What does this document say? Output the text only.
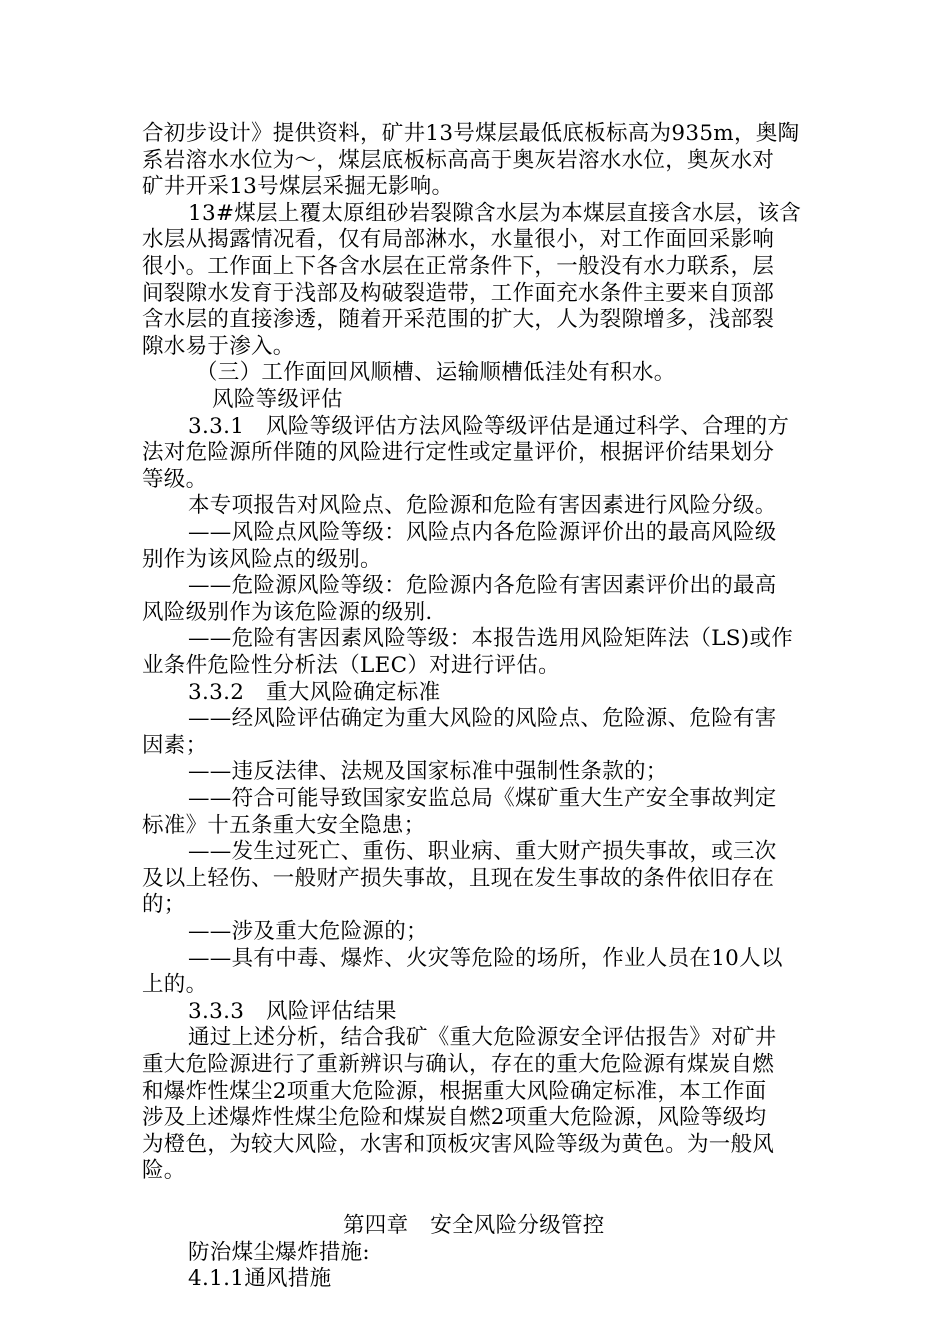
合初步设计》提供资料，矿井13号煤层最低底板标高为935m，奥陶
系岩溶水水位为～，煤层底板标高高于奥灰岩溶水水位，奥灰水对
矿井开采13号煤层采掘无影响。
13#煤层上覆太原组砂岩裂隙含水层为本煤层直接含水层，该含
水层从揭露情况看，仅有局部淋水，水量很小，对工作面回采影响
很小。工作面上下各含水层在正常条件下，一般没有水力联系，层
间裂隙水发育于浅部及构破裂造带，工作面充水条件主要来自顶部
含水层的直接渗透，随着开采范围的扩大，人为裂隙增多，浅部裂
隙水易于渗入。
（三）工作面回风顺槽、运输顺槽低洼处有积水。
风险等级评估
3.3.1　风险等级评估方法风险等级评估是通过科学、合理的方
法对危险源所伴随的风险进行定性或定量评价，根据评价结果划分
等级。
本专项报告对风险点、危险源和危险有害因素进行风险分级。
——风险点风险等级：风险点内各危险源评价出的最高风险级
别作为该风险点的级别。
——危险源风险等级：危险源内各危险有害因素评价出的最高
风险级别作为该危险源的级别.
——危险有害因素风险等级：本报告选用风险矩阵法（LS)或作
业条件危险性分析法（LEC）对进行评估。
3.3.2　重大风险确定标准
——经风险评估确定为重大风险的风险点、危险源、危险有害
因素；
——违反法律、法规及国家标准中强制性条款的；
——符合可能导致国家安监总局《煤矿重大生产安全事故判定
标准》十五条重大安全隐患；
——发生过死亡、重伤、职业病、重大财产损失事故，或三次
及以上轻伤、一般财产损失事故，且现在发生事故的条件依旧存在
的；
——涉及重大危险源的；
——具有中毒、爆炸、火灾等危险的场所，作业人员在10人以
上的。
3.3.3　风险评估结果
通过上述分析，结合我矿《重大危险源安全评估报告》对矿井
重大危险源进行了重新辨识与确认，存在的重大危险源有煤炭自燃
和爆炸性煤尘2项重大危险源，根据重大风险确定标准，本工作面
涉及上述爆炸性煤尘危险和煤炭自燃2项重大危险源，风险等级均
为橙色，为较大风险，水害和顶板灾害风险等级为黄色。为一般风
险。
第四章　安全风险分级管控
防治煤尘爆炸措施:
4.1.1通风措施
